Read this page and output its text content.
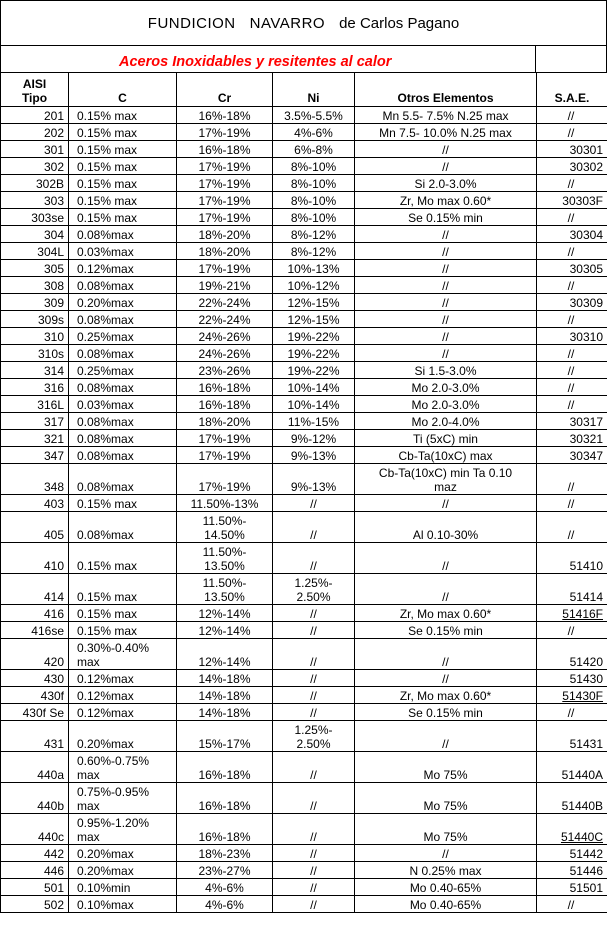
FUNDICION   NAVARRO de Carlos Pagano
Aceros Inoxidables y resitentes al calor
AISI
Tipo	C	Cr	Ni	Otros Elementos	S.A.E.
201	0.15% max	16%-18%	3.5%-5.5%	Mn 5.5- 7.5% N.25 max	//
202	0.15% max	17%-19%	4%-6%	Mn 7.5- 10.0% N.25 max	//
301	0.15% max	16%-18%	6%-8%	//	30301
302	0.15% max	17%-19%	8%-10%	//	30302
302B	0.15% max	17%-19%	8%-10%	Si 2.0-3.0%	//
303	0.15% max	17%-19%	8%-10%	Zr, Mo max 0.60*	30303F
303se	0.15% max	17%-19%	8%-10%	Se 0.15% min	//
304	0.08%max	18%-20%	8%-12%	//	30304
304L	0.03%max	18%-20%	8%-12%	//	//
305	0.12%max	17%-19%	10%-13%	//	30305
308	0.08%max	19%-21%	10%-12%	//	//
309	0.20%max	22%-24%	12%-15%	//	30309
309s	0.08%max	22%-24%	12%-15%	//	//
310	0.25%max	24%-26%	19%-22%	//	30310
310s	0.08%max	24%-26%	19%-22%	//	//
314	0.25%max	23%-26%	19%-22%	Si 1.5-3.0%	//
316	0.08%max	16%-18%	10%-14%	Mo 2.0-3.0%	//
316L	0.03%max	16%-18%	10%-14%	Mo 2.0-3.0%	//
317	0.08%max	18%-20%	11%-15%	Mo 2.0-4.0%	30317
321	0.08%max	17%-19%	9%-12%	Ti (5xC) min	30321
347	0.08%max	17%-19%	9%-13%	Cb-Ta(10xC) max	30347
348	0.08%max	17%-19%	9%-13%	Cb-Ta(10xC) min Ta 0.10
maz	//
403	0.15% max	11.50%-13%	//	//	//
405	0.08%max	11.50%-
14.50%	//	Al 0.10-30%	//
410	0.15% max	11.50%-
13.50%	//	//	51410
414	0.15% max	11.50%-
13.50%	1.25%-
2.50%	//	51414
416	0.15% max	12%-14%	//	Zr, Mo max 0.60*	51416F
416se	0.15% max	12%-14%	//	Se 0.15% min	//
420	0.30%-0.40%
max	12%-14%	//	//	51420
430	0.12%max	14%-18%	//	//	51430
430f	0.12%max	14%-18%	//	Zr, Mo max 0.60*	51430F
430f Se	0.12%max	14%-18%	//	Se 0.15% min	//
431	0.20%max	15%-17%	1.25%-
2.50%	//	51431
440a	0.60%-0.75%
max	16%-18%	//	Mo 75%	51440A
440b	0.75%-0.95%
max	16%-18%	//	Mo 75%	51440B
440c	0.95%-1.20%
max	16%-18%	//	Mo 75%	51440C
442	0.20%max	18%-23%	//	//	51442
446	0.20%max	23%-27%	//	N 0.25% max	51446
501	0.10%min	4%-6%	//	Mo 0.40-65%	51501
502	0.10%max	4%-6%	//	Mo 0.40-65%	//
